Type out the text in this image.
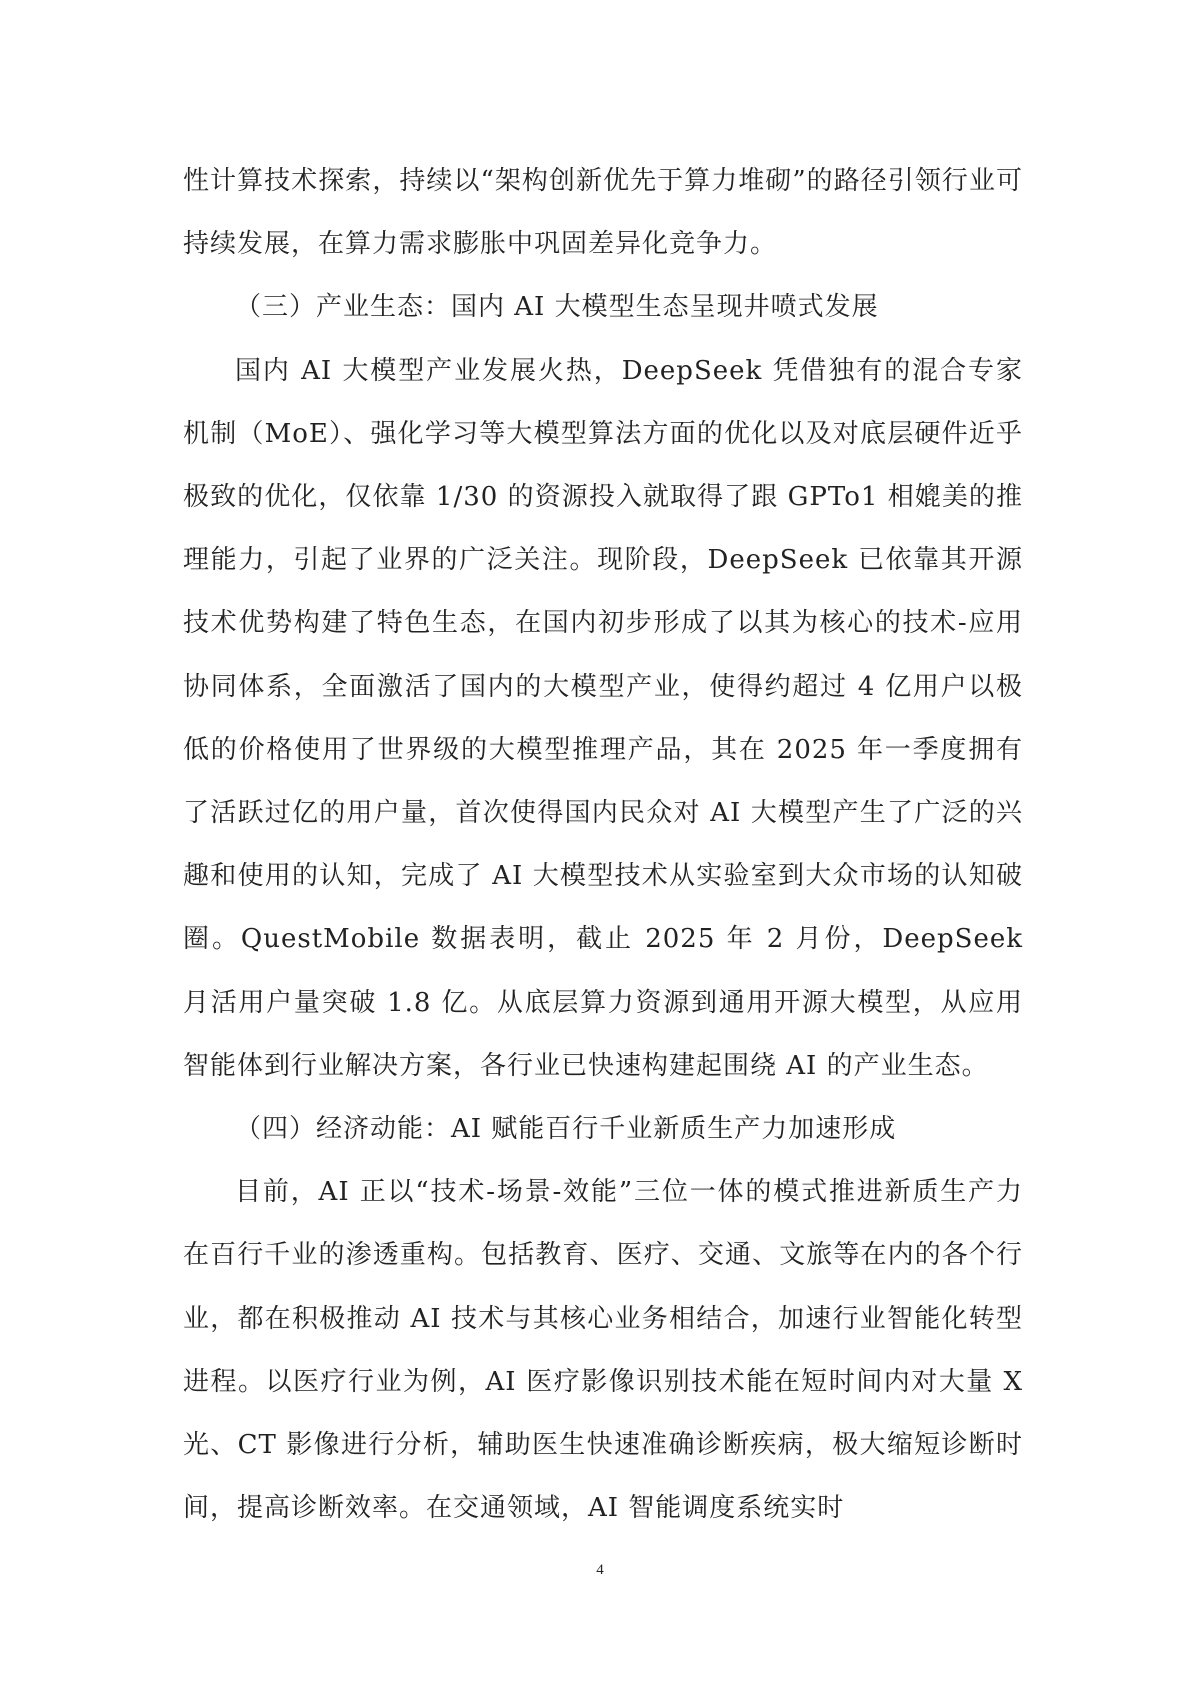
性计算技术探索，持续以“架构创新优先于算力堆砌”的路径引领行业可持续发展，在算力需求膨胀中巩固差异化竞争力。

（三）产业生态：国内 AI 大模型生态呈现井喷式发展

国内 AI 大模型产业发展火热，DeepSeek 凭借独有的混合专家机制（MoE）、强化学习等大模型算法方面的优化以及对底层硬件近乎极致的优化，仅依靠 1/30 的资源投入就取得了跟 GPTo1 相媲美的推理能力，引起了业界的广泛关注。现阶段，DeepSeek 已依靠其开源技术优势构建了特色生态，在国内初步形成了以其为核心的技术-应用协同体系，全面激活了国内的大模型产业，使得约超过 4 亿用户以极低的价格使用了世界级的大模型推理产品，其在 2025 年一季度拥有了活跃过亿的用户量，首次使得国内民众对 AI 大模型产生了广泛的兴趣和使用的认知，完成了 AI 大模型技术从实验室到大众市场的认知破圈。QuestMobile 数据表明，截止 2025 年 2 月份，DeepSeek 月活用户量突破 1.8 亿。从底层算力资源到通用开源大模型，从应用智能体到行业解决方案，各行业已快速构建起围绕 AI 的产业生态。

（四）经济动能：AI 赋能百行千业新质生产力加速形成

目前，AI 正以“技术-场景-效能”三位一体的模式推进新质生产力在百行千业的渗透重构。包括教育、医疗、交通、文旅等在内的各个行业，都在积极推动 AI 技术与其核心业务相结合，加速行业智能化转型进程。以医疗行业为例，AI 医疗影像识别技术能在短时间内对大量 X 光、CT 影像进行分析，辅助医生快速准确诊断疾病，极大缩短诊断时间，提高诊断效率。在交通领域，AI 智能调度系统实时

4
